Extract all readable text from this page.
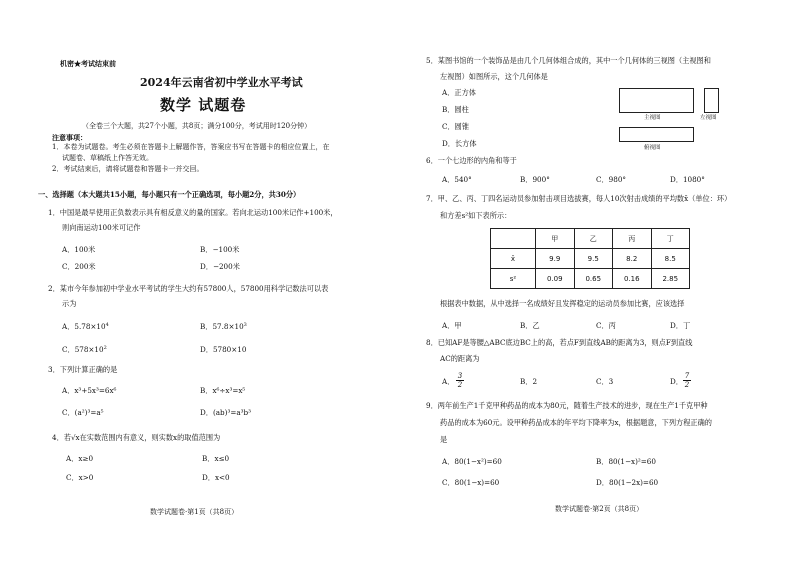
机密★考试结束前
2024年云南省初中学业水平考试
数学 试题卷
（全卷三个大题，共27个小题，共8页；满分100分，考试用时120分钟）
注意事项：
1．本卷为试题卷。考生必须在答题卡上解题作答，答案应书写在答题卡的相应位置上，在
试题卷、草稿纸上作答无效。
2．考试结束后，请将试题卷和答题卡一并交回。
一、选择题（本大题共15小题，每小题只有一个正确选项，每小题2分，共30分）
1．中国是最早使用正负数表示具有相反意义的量的国家。若向北运动100米记作+100米，
则向南运动100米可记作
A．100米	B．−100米
C．200米	D．−200米
2．某市今年参加初中学业水平考试的学生大约有57800人，57800用科学记数法可以表
示为
A．$5.78\times 10^4$	B．$57.8\times 10^3$
C．$578\times 10^2$	D．5780×10
3．下列计算正确的是
A．x³+5x³=6x⁶	B．x⁶÷x³=x⁵
C．(a²)³=a⁵	D．(ab)³=a³b³
4．若√x在实数范围内有意义，则实数x的取值范围为
A．x≥0	B．x≤0
C．x>0	D．x<0
数学试题卷·第1页（共8页）
5．某图书馆的一个装饰品是由几个几何体组合成的，其中一个几何体的三视图（主视图和
左视图）如图所示，这个几何体是
A．正方体
B．圆柱
C．圆锥
D．长方体
主视图	左视图
俯视图
6．一个七边形的内角和等于
A．540°	B．900°	C．980°	D．1080°
7．甲、乙、丙、丁四名运动员参加射击项目选拔赛，每人10次射击成绩的平均数x̄（单位：环）
和方差s²如下表所示：
	甲	乙	丙	丁
x̄	9.9	9.5	8.2	8.5
s²	0.09	0.65	0.16	2.85
根据表中数据，从中选择一名成绩好且发挥稳定的运动员参加比赛，应该选择
A．甲	B．乙	C．丙	D．丁
8．已知AF是等腰△ABC底边BC上的高，若点F到直线AB的距离为3，则点F到直线
AC的距离为
A．
3
2	B．2	C．3	D．
7
2
9．两年前生产1千克甲种药品的成本为80元，随着生产技术的进步，现在生产1千克甲种
药品的成本为60元。设甲种药品成本的年平均下降率为x，根据题意，下列方程正确的
是
A．80(1−x²)=60	B．80(1−x)²=60
C．80(1−x)=60	D．80(1−2x)=60
数学试题卷·第2页（共8页）
